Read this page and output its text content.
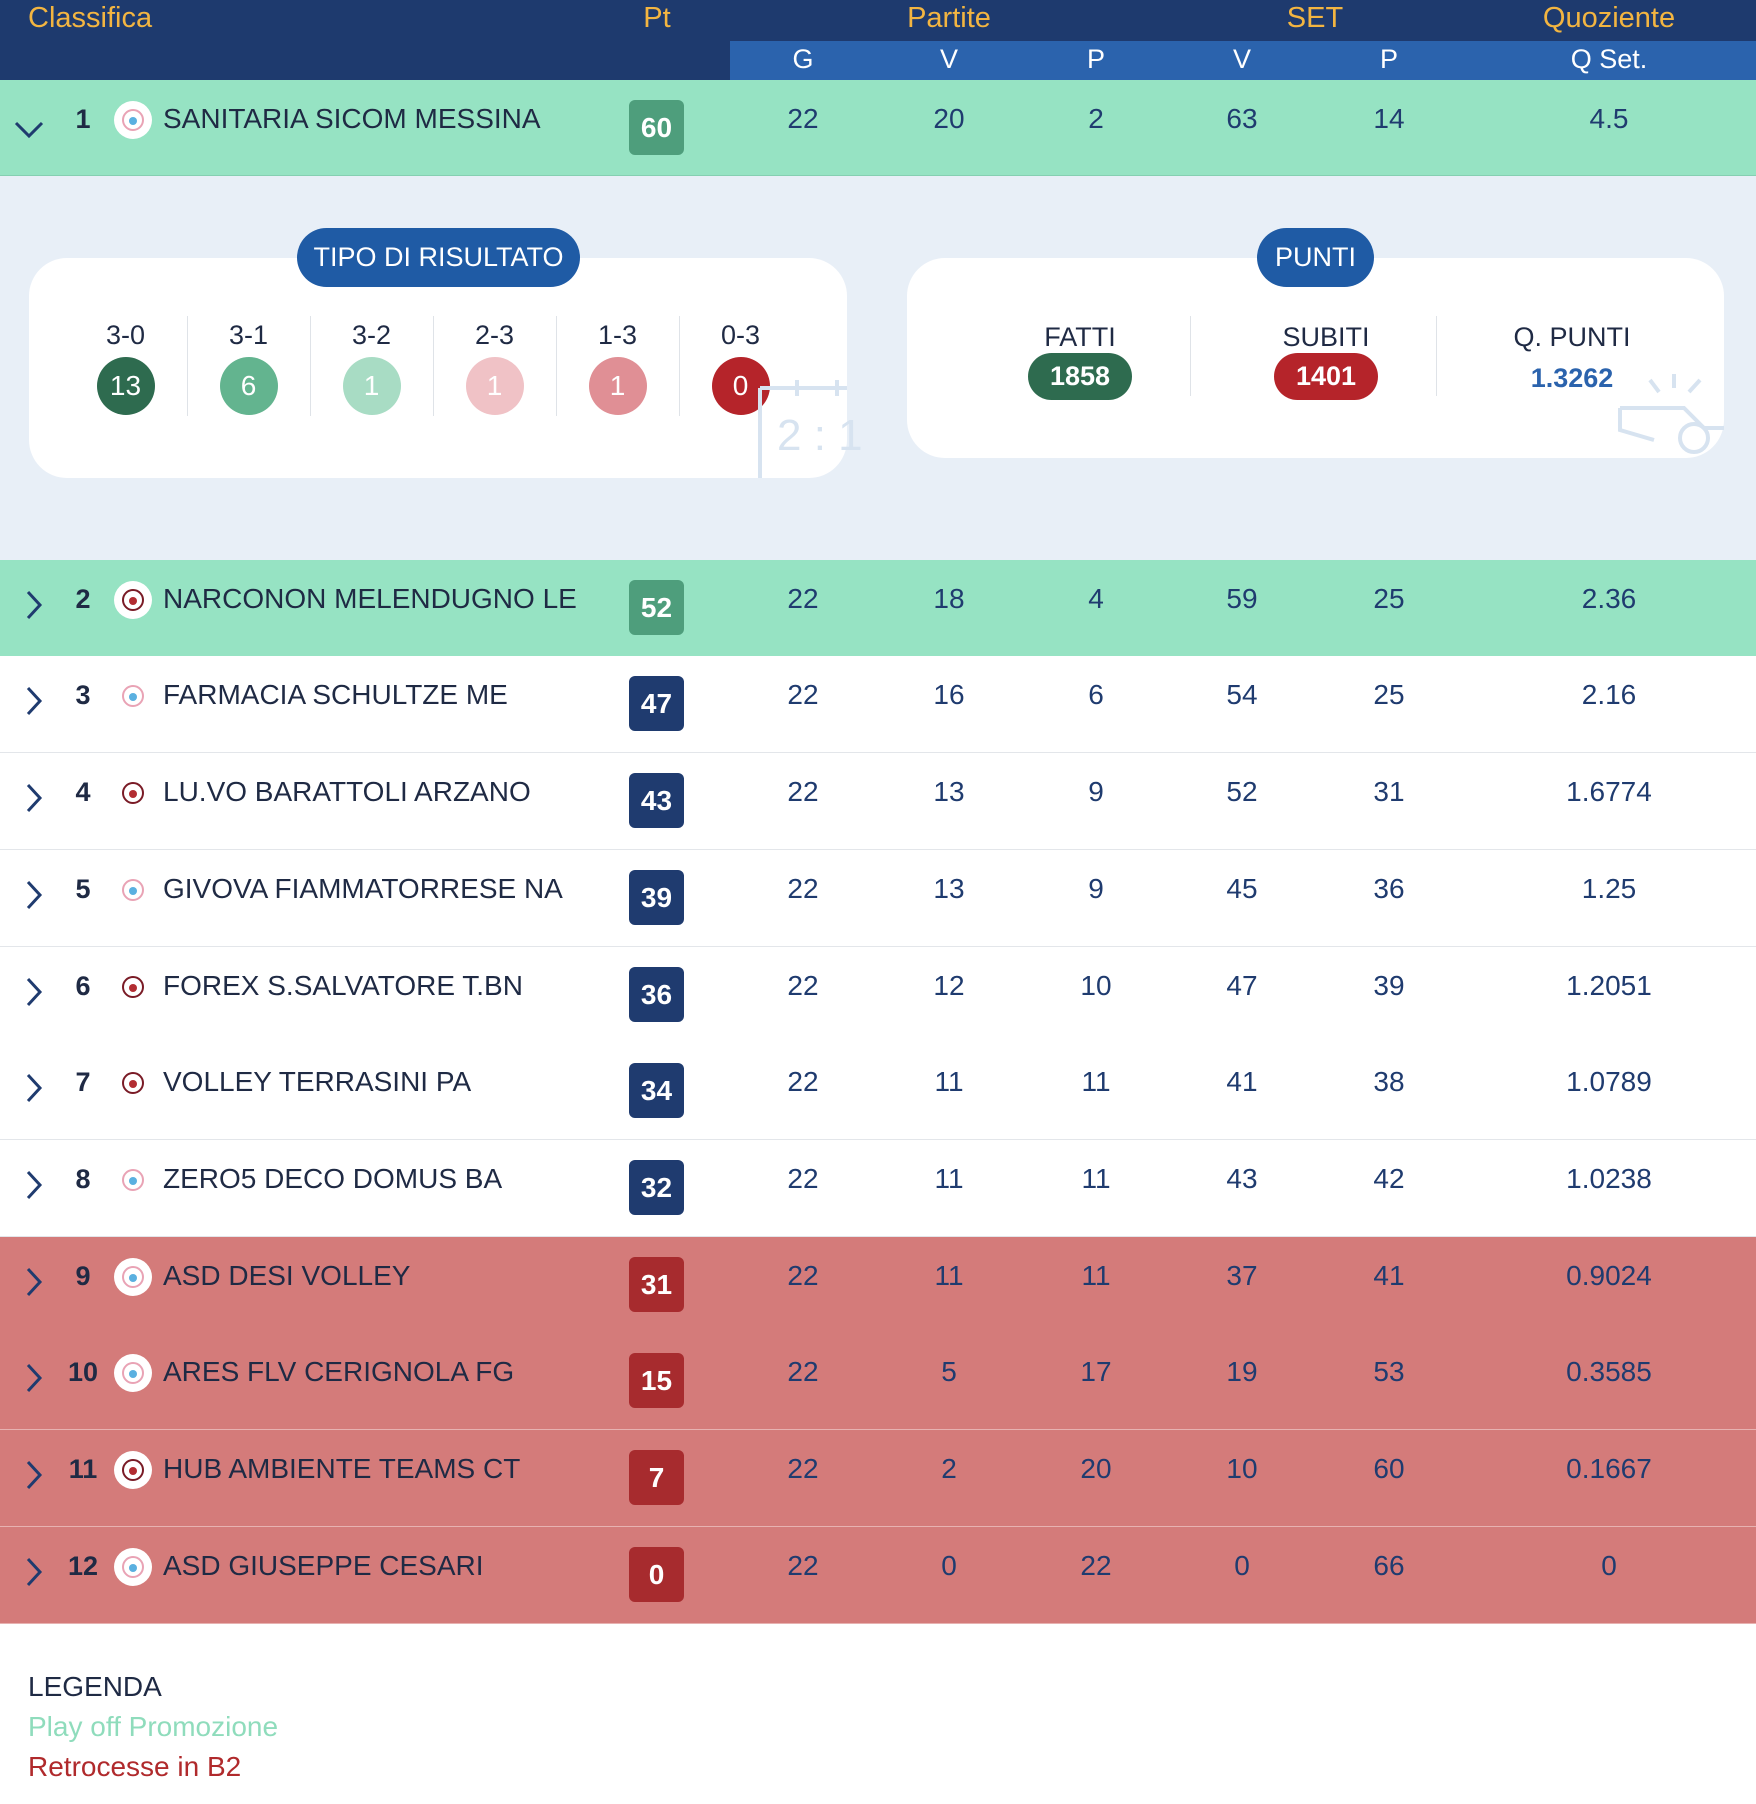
Classifica	Pt	Partite	SET	Quoziente
G	V	P	V	P	Q Set.
1	SANITARIA SICOM MESSINA	60	22	20	2	63	14	4.5
2	NARCONON MELENDUGNO LE	52	22	18	4	59	25	2.36
3	FARMACIA SCHULTZE ME	47	22	16	6	54	25	2.16
4	LU.VO BARATTOLI ARZANO	43	22	13	9	52	31	1.6774
5	GIVOVA FIAMMATORRESE NA	39	22	13	9	45	36	1.25
6	FOREX S.SALVATORE T.BN	36	22	12	10	47	39	1.2051
7	VOLLEY TERRASINI PA	34	22	11	11	41	38	1.0789
8	ZERO5 DECO DOMUS BA	32	22	11	11	43	42	1.0238
9	ASD DESI VOLLEY	31	22	11	11	37	41	0.9024
10	ARES FLV CERIGNOLA FG	15	22	5	17	19	53	0.3585
11	HUB AMBIENTE TEAMS CT	7	22	2	20	10	60	0.1667
12	ASD GIUSEPPE CESARI	0	22	0	22	0	66	0
3-0
13
3-1
6
3-2
1
2-3
1
1-3
1
0-3
0
2 : 1
TIPO DI RISULTATO
FATTI
1858
SUBITI
1401
Q. PUNTI
1.3262
PUNTI
LEGENDA
Play off Promozione
Retrocesse in B2
